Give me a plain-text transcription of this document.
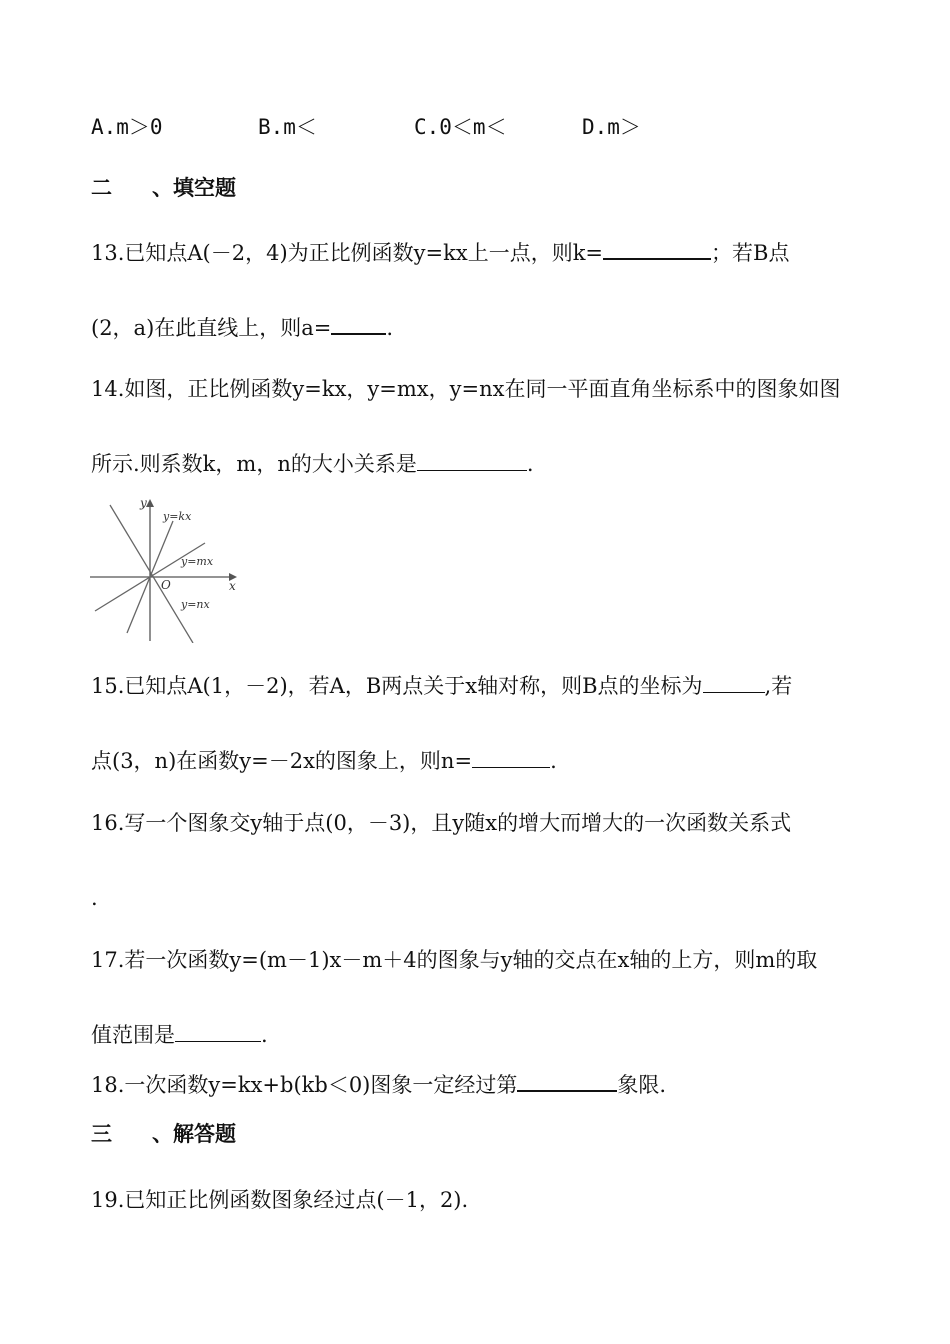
A.m＞0	B.m＜	C.0＜m＜	D.m＞
二 、填空题
13.已知点A(－2，4)为正比例函数y=kx上一点，则k=	；若B点
(2，a)在此直线上，则a=	.
14.如图，正比例函数y=kx，y=mx，y=nx在同一平面直角坐标系中的图象如图
所示.则系数k，m，n的大小关系是	.
y
x
O
y=kx
y=mx
y=nx
15.已知点A(1，－2)，若A，B两点关于x轴对称，则B点的坐标为	,若
点(3，n)在函数y=－2x的图象上，则n=	.
16.写一个图象交y轴于点(0，－3)，且y随x的增大而增大的一次函数关系式
.
17.若一次函数y=(m－1)x－m＋4的图象与y轴的交点在x轴的上方，则m的取
值范围是	.
18.一次函数y=kx+b(kb＜0)图象一定经过第	象限.
三 、解答题
19.已知正比例函数图象经过点(－1，2).
